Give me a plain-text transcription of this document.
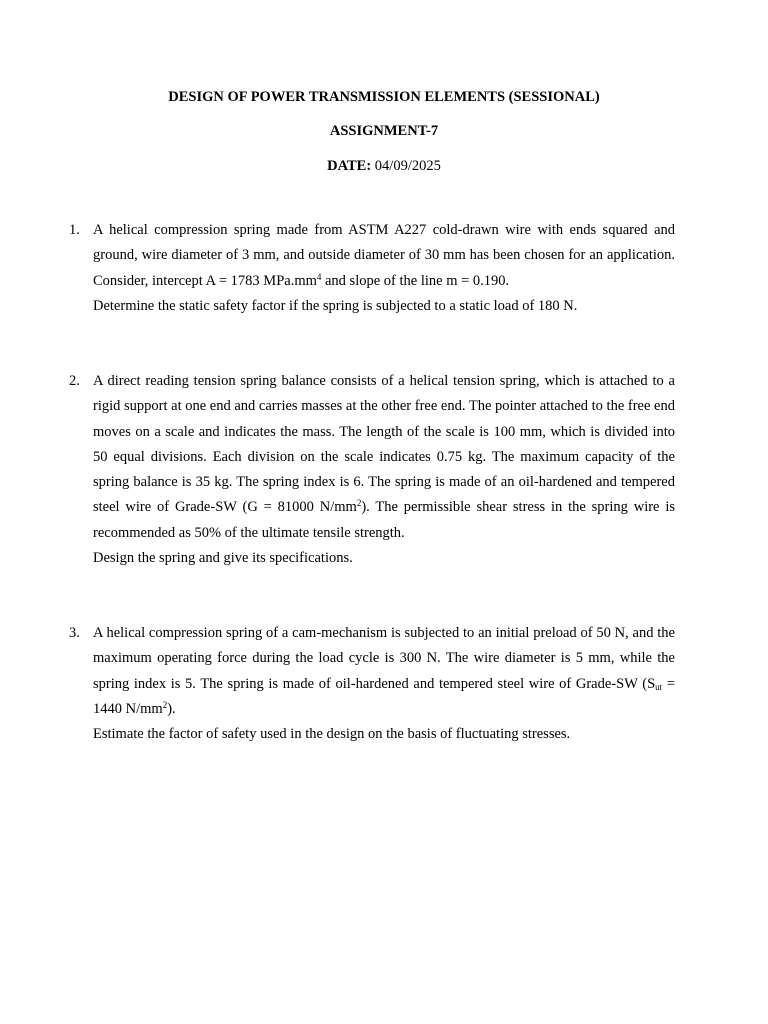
DESIGN OF POWER TRANSMISSION ELEMENTS (SESSIONAL)
ASSIGNMENT-7
DATE: 04/09/2025
1. A helical compression spring made from ASTM A227 cold-drawn wire with ends squared and ground, wire diameter of 3 mm, and outside diameter of 30 mm has been chosen for an application. Consider, intercept A = 1783 $MPa.mm^4$ and slope of the line m = 0.190.

Determine the static safety factor if the spring is subjected to a static load of 180 N.

2. A direct reading tension spring balance consists of a helical tension spring, which is attached to a rigid support at one end and carries masses at the other free end. The pointer attached to the free end moves on a scale and indicates the mass. The length of the scale is 100 mm, which is divided into 50 equal divisions. Each division on the scale indicates 0.75 kg. The maximum capacity of the spring balance is 35 kg. The spring index is 6. The spring is made of an oil-hardened and tempered steel wire of Grade-SW (G = 81000 $N/mm^2$). The permissible shear stress in the spring wire is recommended as 50% of the ultimate tensile strength.

Design the spring and give its specifications.

3. A helical compression spring of a cam-mechanism is subjected to an initial preload of 50 N, and the maximum operating force during the load cycle is 300 N. The wire diameter is 5 mm, while the spring index is 5. The spring is made of oil-hardened and tempered steel wire of Grade-SW ($S_{ut} = 1440$ $N/mm^2$).

Estimate the factor of safety used in the design on the basis of fluctuating stresses.
